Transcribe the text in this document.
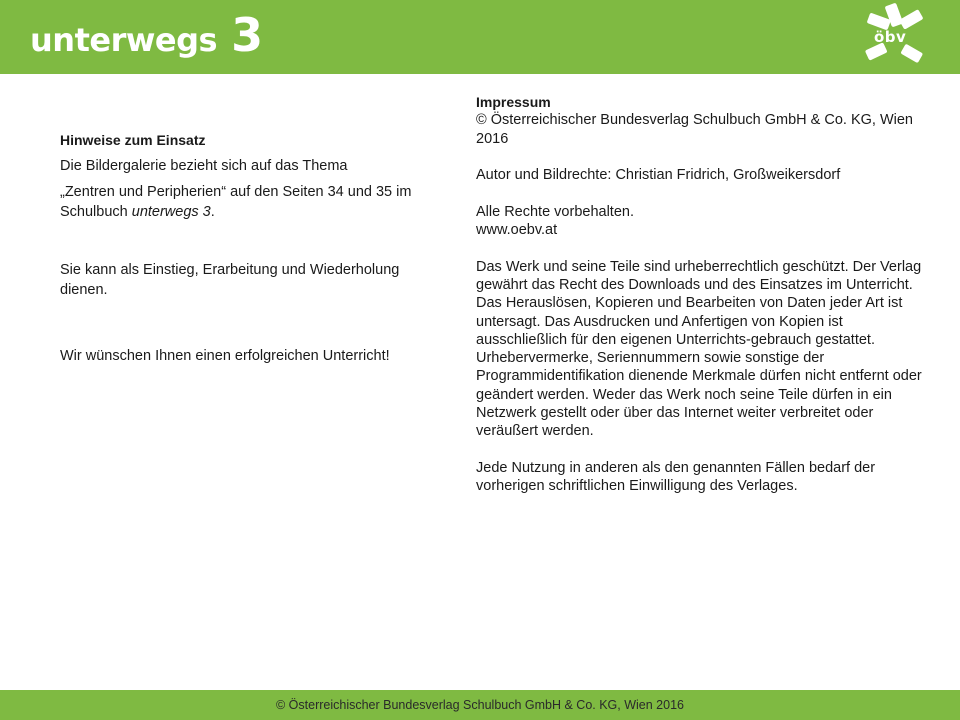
unterwegs 3	öbv

Hinweise zum Einsatz

Die Bildergalerie bezieht sich auf das Thema

„Zentren und Peripherien“ auf den Seiten 34 und 35 im Schulbuch unterwegs 3.

Sie kann als Einstieg, Erarbeitung und Wiederholung dienen.

Wir wünschen Ihnen einen erfolgreichen Unterricht!

Impressum
© Österreichischer Bundesverlag Schulbuch GmbH & Co. KG, Wien 2016
Autor und Bildrechte: Christian Fridrich, Großweikersdorf
Alle Rechte vorbehalten.
www.oebv.at
Das Werk und seine Teile sind urheberrechtlich geschützt. Der Verlag gewährt das Recht des Downloads und des Einsatzes im Unterricht. Das Herauslösen, Kopieren und Bearbeiten von Daten jeder Art ist untersagt. Das Ausdrucken und Anfertigen von Kopien ist ausschließlich für den eigenen Unterrichts-gebrauch gestattet. Urhebervermerke, Seriennummern sowie sonstige der Programmidentifikation dienende Merkmale dürfen nicht entfernt oder geändert werden. Weder das Werk noch seine Teile dürfen in ein Netzwerk gestellt oder über das Internet weiter verbreitet oder veräußert werden.
Jede Nutzung in anderen als den genannten Fällen bedarf der vorherigen schriftlichen Einwilligung des Verlages.
© Österreichischer Bundesverlag Schulbuch GmbH & Co. KG, Wien 2016
